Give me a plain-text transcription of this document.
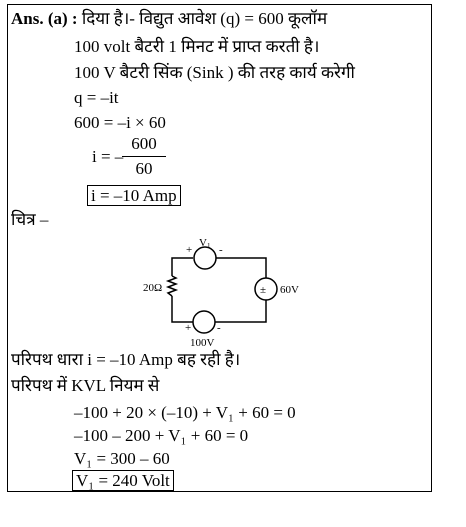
Ans. (a) : दिया है।- विद्युत आवेश (q) = 600 कूलॉम
100 volt बैटरी 1 मिनट में प्राप्त करती है।
100 V बैटरी सिंक (Sink ) की तरह कार्य करेगी
q = –it
600 = –i × 60
i = –
600
60
i = –10 Amp
चित्र –
20Ω
V1
+ -
± 60V
+ -
100V
परिपथ धारा i = –10 Amp बह रही है।
परिपथ में KVL नियम से
–100 + 20 × (–10) + V₁ + 60 = 0
–100 – 200 + V₁ + 60 = 0
V₁ = 300 – 60
V₁ = 240 Volt
